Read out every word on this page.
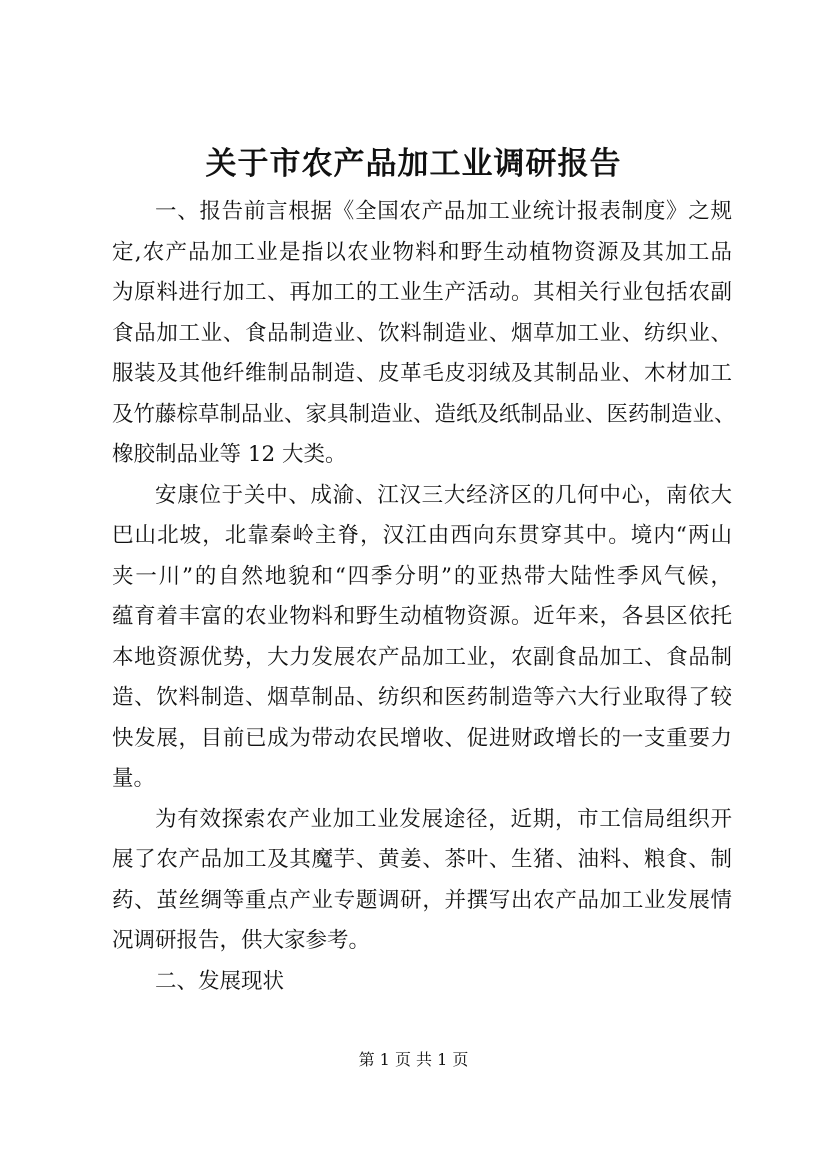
关于市农产品加工业调研报告
一、报告前言根据《全国农产品加工业统计报表制度》之规
定,农产品加工业是指以农业物料和野生动植物资源及其加工品
为原料进行加工、再加工的工业生产活动。其相关行业包括农副
食品加工业、食品制造业、饮料制造业、烟草加工业、纺织业、
服装及其他纤维制品制造、皮革毛皮羽绒及其制品业、木材加工
及竹藤棕草制品业、家具制造业、造纸及纸制品业、医药制造业、
橡胶制品业等 12 大类。
安康位于关中、成渝、江汉三大经济区的几何中心，南依大
巴山北坡，北靠秦岭主脊，汉江由西向东贯穿其中。境内“两山
夹一川”的自然地貌和“四季分明”的亚热带大陆性季风气候，
蕴育着丰富的农业物料和野生动植物资源。近年来，各县区依托
本地资源优势，大力发展农产品加工业，农副食品加工、食品制
造、饮料制造、烟草制品、纺织和医药制造等六大行业取得了较
快发展，目前已成为带动农民增收、促进财政增长的一支重要力
量。
为有效探索农产业加工业发展途径，近期，市工信局组织开
展了农产品加工及其魔芋、黄姜、茶叶、生猪、油料、粮食、制
药、茧丝绸等重点产业专题调研，并撰写出农产品加工业发展情
况调研报告，供大家参考。
二、发展现状
第 1 页 共 1 页
